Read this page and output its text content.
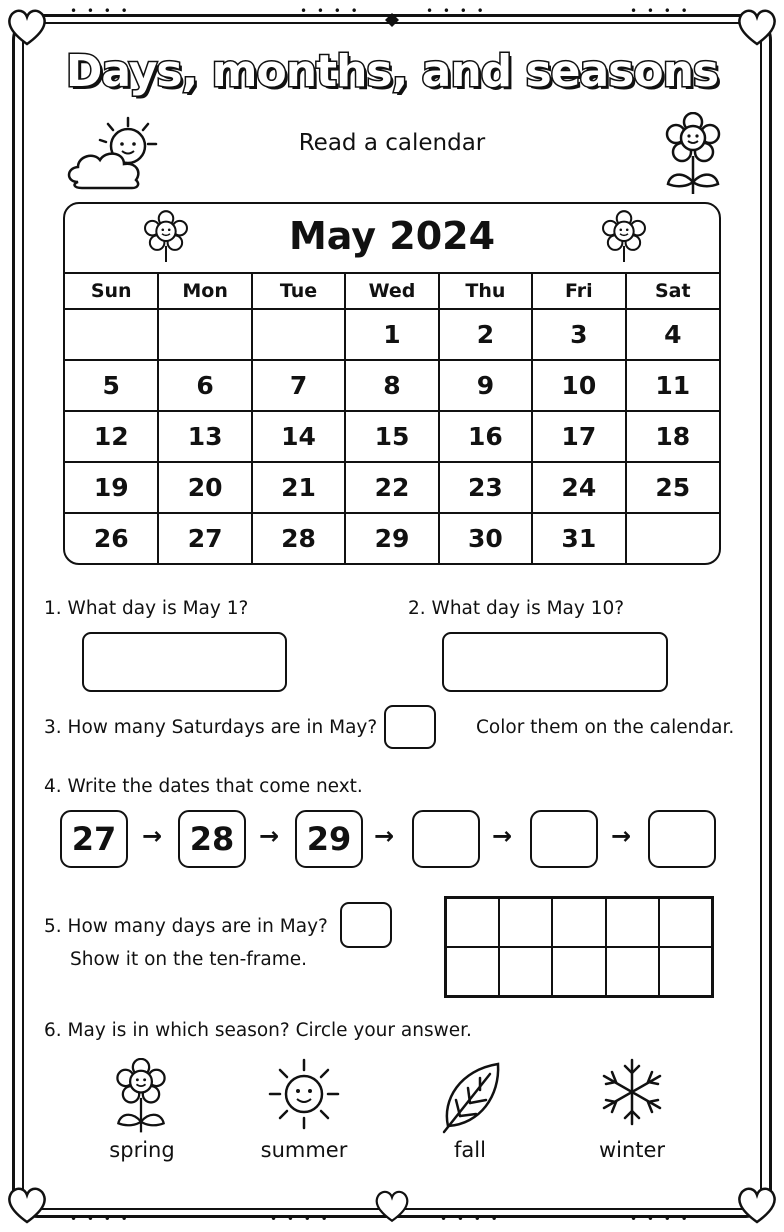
• • • •	• • • •	• • • •	• • • •
• • • •	• • • •	• • • •	• • • •
Days, months, and seasons
Read a calendar
May 2024
Sun	Mon	Tue	Wed	Thu	Fri	Sat
			1	2	3	4
5	6	7	8	9	10	11
12	13	14	15	16	17	18
19	20	21	22	23	24	25
26	27	28	29	30	31	
1. What day is May 1?	2. What day is May 10?
3. How many Saturdays are in May?	Color them on the calendar.
4. Write the dates that come next.
27	→ 28	→ 29 →	→	→
5. How many days are in May?
Show it on the ten-frame.
6. May is in which season? Circle your answer.
spring	summer	fall	winter
